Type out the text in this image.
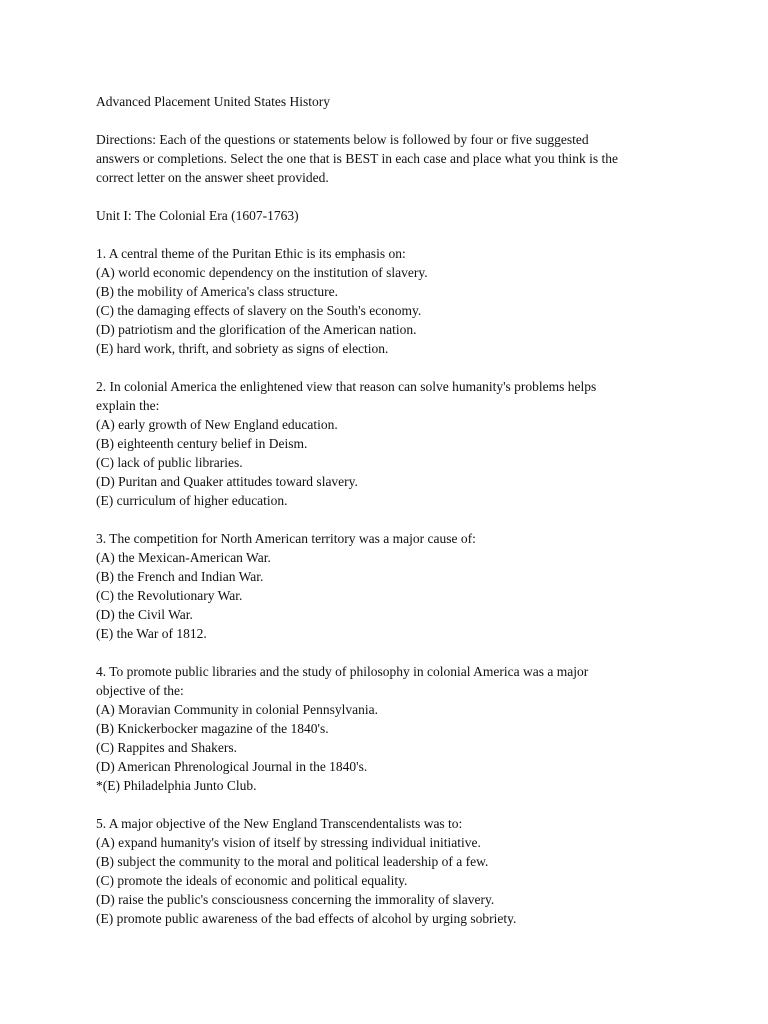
Advanced Placement United States History

Directions: Each of the questions or statements below is followed by four or five suggested
answers or completions. Select the one that is BEST in each case and place what you think is the
correct letter on the answer sheet provided.

Unit I: The Colonial Era (1607-1763)

1. A central theme of the Puritan Ethic is its emphasis on:
(A) world economic dependency on the institution of slavery.
(B) the mobility of America's class structure.
(C) the damaging effects of slavery on the South's economy.
(D) patriotism and the glorification of the American nation.
(E) hard work, thrift, and sobriety as signs of election.
2. In colonial America the enlightened view that reason can solve humanity's problems helps
explain the:
(A) early growth of New England education.
(B) eighteenth century belief in Deism.
(C) lack of public libraries.
(D) Puritan and Quaker attitudes toward slavery.
(E) curriculum of higher education.
3. The competition for North American territory was a major cause of:
(A) the Mexican-American War.
(B) the French and Indian War.
(C) the Revolutionary War.
(D) the Civil War.
(E) the War of 1812.
4. To promote public libraries and the study of philosophy in colonial America was a major
objective of the:
(A) Moravian Community in colonial Pennsylvania.
(B) Knickerbocker magazine of the 1840's.
(C) Rappites and Shakers.
(D) American Phrenological Journal in the 1840's.
*(E) Philadelphia Junto Club.
5. A major objective of the New England Transcendentalists was to:
(A) expand humanity's vision of itself by stressing individual initiative.
(B) subject the community to the moral and political leadership of a few.
(C) promote the ideals of economic and political equality.
(D) raise the public's consciousness concerning the immorality of slavery.
(E) promote public awareness of the bad effects of alcohol by urging sobriety.
